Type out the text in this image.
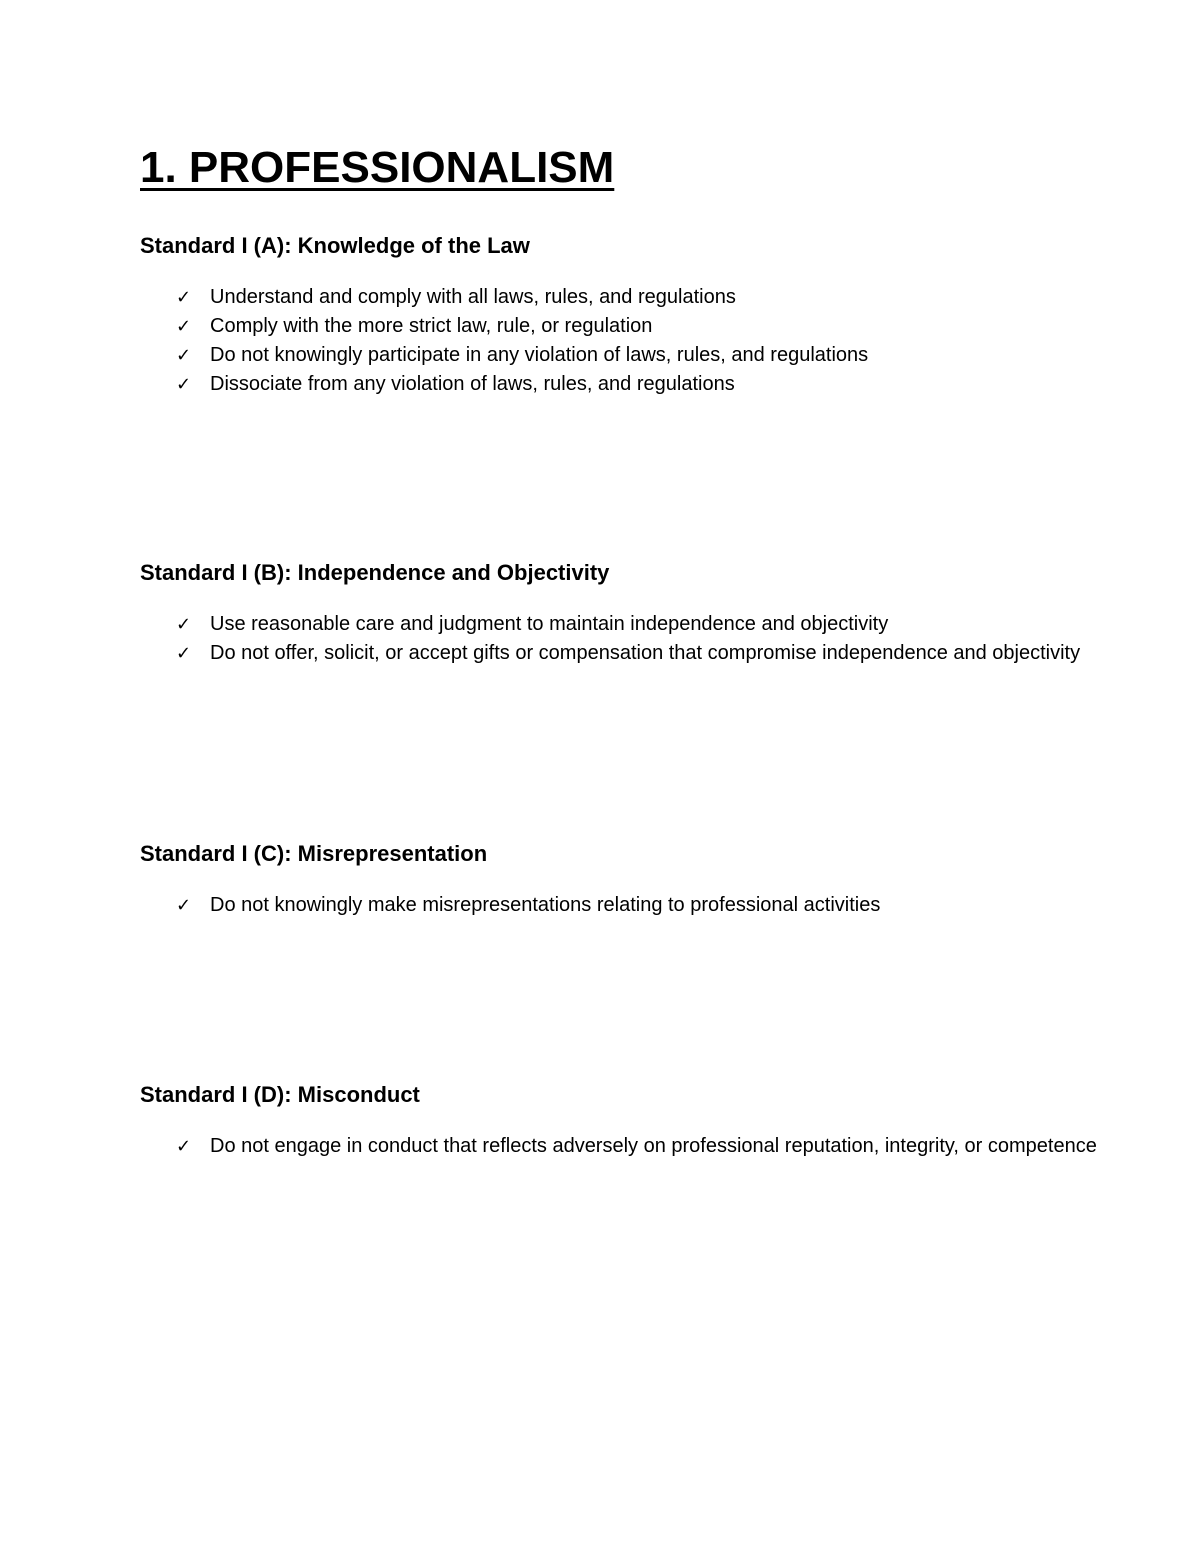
1. PROFESSIONALISM
Standard I (A): Knowledge of the Law
✓ Understand and comply with all laws, rules, and regulations
✓ Comply with the more strict law, rule, or regulation
✓ Do not knowingly participate in any violation of laws, rules, and regulations
✓ Dissociate from any violation of laws, rules, and regulations
Standard I (B): Independence and Objectivity
✓ Use reasonable care and judgment to maintain independence and objectivity
✓ Do not offer, solicit, or accept gifts or compensation that compromise independence and objectivity
Standard I (C): Misrepresentation
✓ Do not knowingly make misrepresentations relating to professional activities
Standard I (D): Misconduct
✓ Do not engage in conduct that reflects adversely on professional reputation, integrity, or competence
